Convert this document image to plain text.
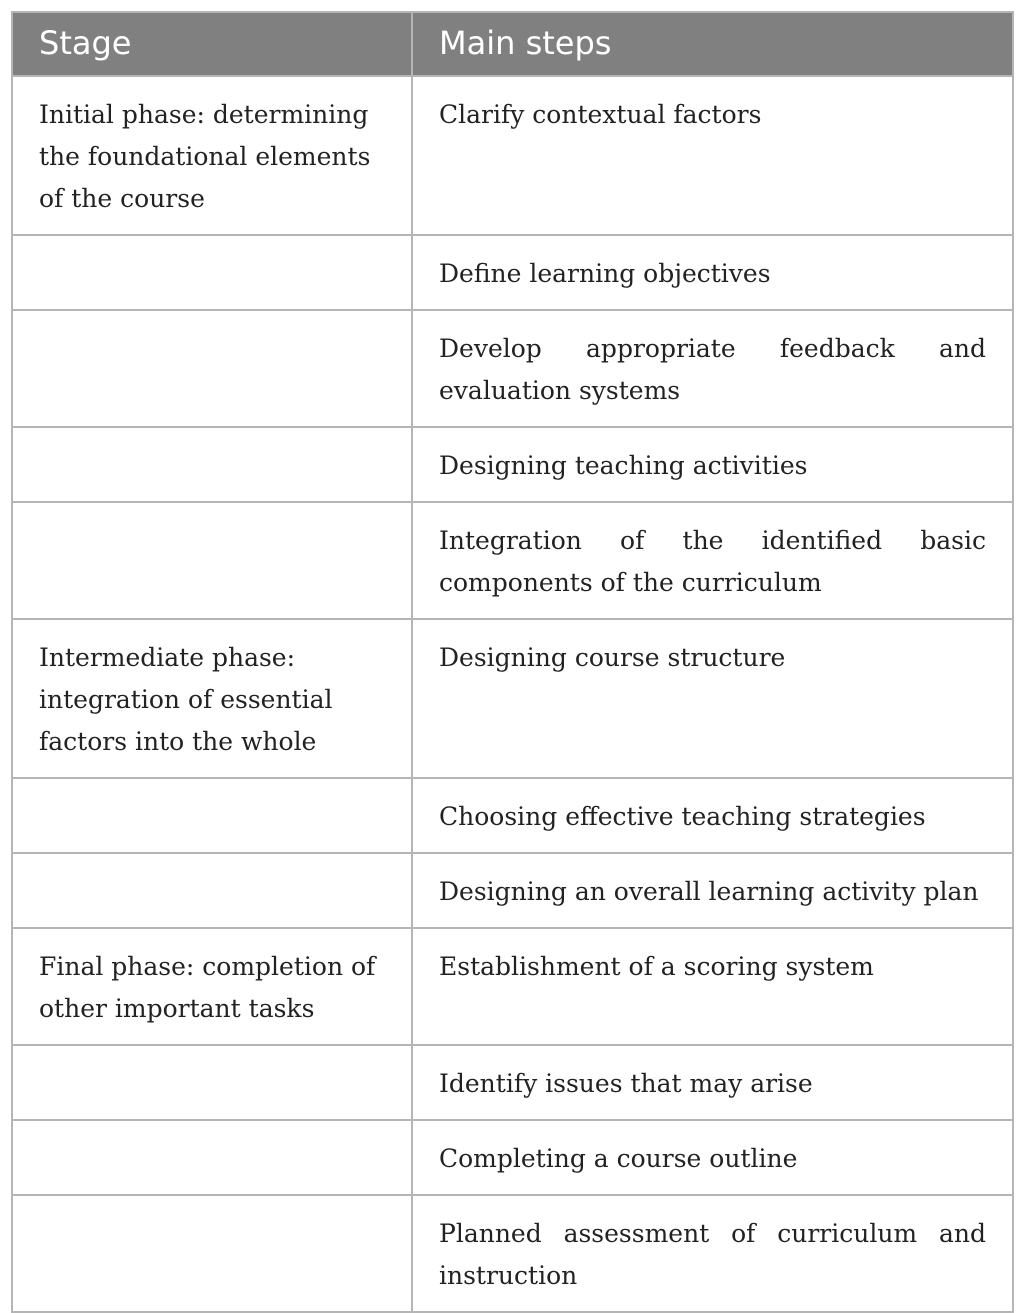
Stage	Main steps
Initial phase: determining the foundational elements of the course	Clarify contextual factors
	Define learning objectives
	Develop appropriate feedback and evaluation systems
	Designing teaching activities
	Integration of the identified basic components of the curriculum
Intermediate phase: integration of essential factors into the whole	Designing course structure
	Choosing effective teaching strategies
	Designing an overall learning activity plan
Final phase: completion of other important tasks	Establishment of a scoring system
	Identify issues that may arise
	Completing a course outline
	Planned assessment of curriculum and instruction
